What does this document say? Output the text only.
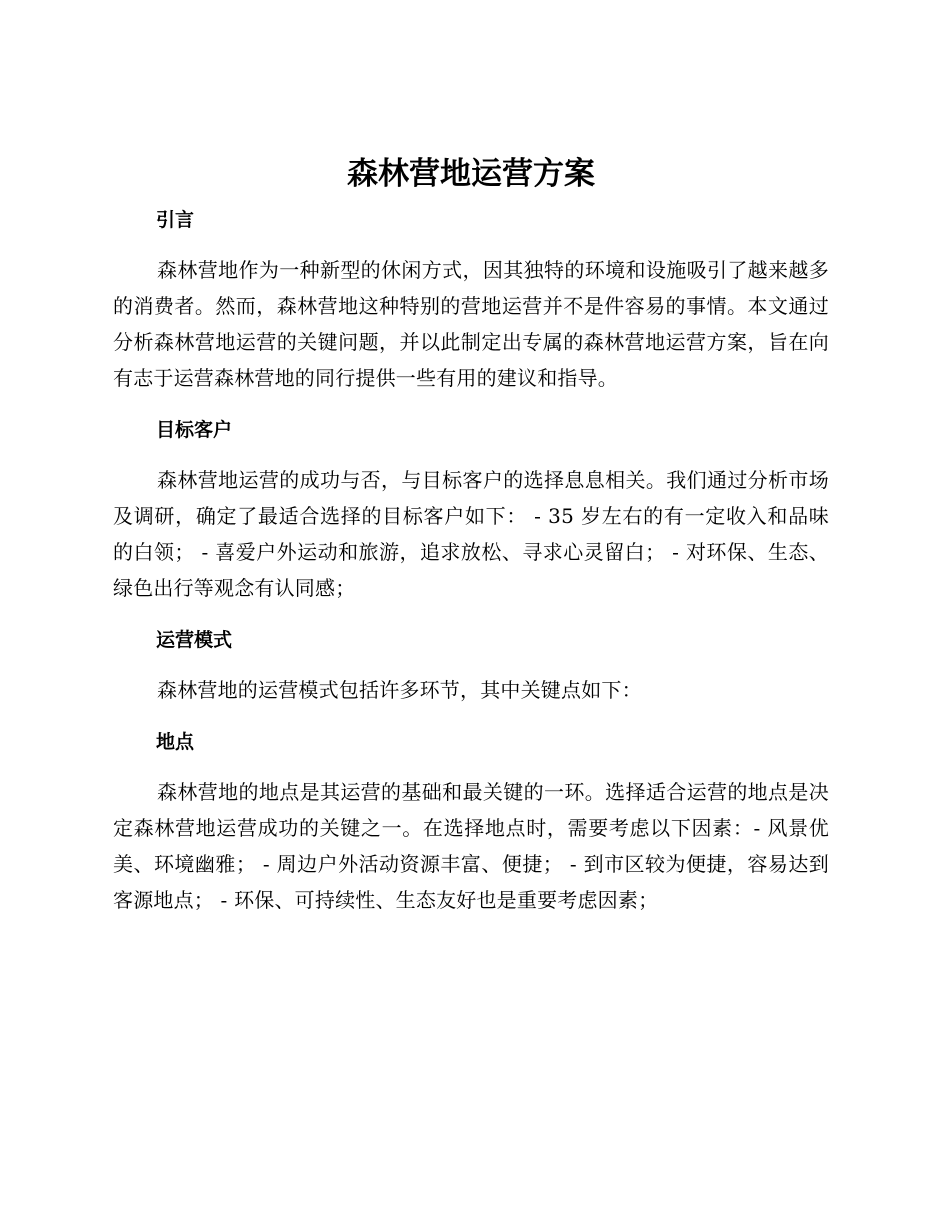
森林营地运营方案
引言

森林营地作为一种新型的休闲方式，因其独特的环境和设施吸引了越来越多的消费者。然而，森林营地这种特别的营地运营并不是件容易的事情。本文通过分析森林营地运营的关键问题，并以此制定出专属的森林营地运营方案，旨在向有志于运营森林营地的同行提供一些有用的建议和指导。

目标客户

森林营地运营的成功与否，与目标客户的选择息息相关。我们通过分析市场及调研，确定了最适合选择的目标客户如下： - 35 岁左右的有一定收入和品味的白领； - 喜爱户外运动和旅游，追求放松、寻求心灵留白； - 对环保、生态、绿色出行等观念有认同感；

运营模式

森林营地的运营模式包括许多环节，其中关键点如下：

地点

森林营地的地点是其运营的基础和最关键的一环。选择适合运营的地点是决定森林营地运营成功的关键之一。在选择地点时，需要考虑以下因素：- 风景优美、环境幽雅； - 周边户外活动资源丰富、便捷； - 到市区较为便捷，容易达到客源地点； - 环保、可持续性、生态友好也是重要考虑因素；
